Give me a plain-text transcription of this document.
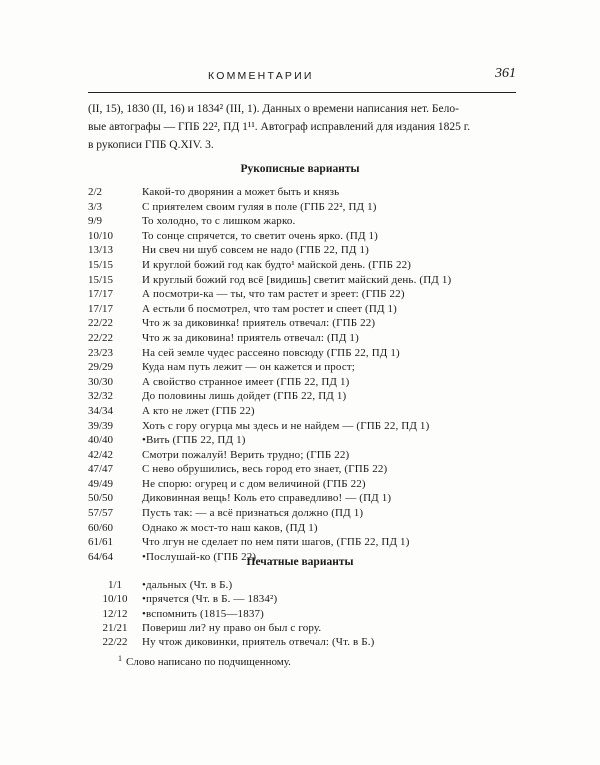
КОММЕНТАРИИ	361
(II, 15), 1830 (II, 16) и 1834² (III, 1). Данных о времени написания нет. Бело-
вые автографы — ГПБ 22², ПД 1¹¹. Автограф исправлений для издания 1825 г.
в рукописи ГПБ Q.XIV. 3.
Рукописные варианты
2/2	Какой-то дворянин а может быть и князь
3/3	С приятелем своим гуляя в поле (ГПБ 22², ПД 1)
9/9	То холодно, то с лишком жарко.
10/10	То сонце спрячется, то светит очень ярко. (ПД 1)
13/13	Ни свеч ни шуб совсем не надо (ГПБ 22, ПД 1)
15/15	И круглой божий год как будто¹ майской день. (ГПБ 22)
15/15	И круглый божий год всё [видишь] светит майский день. (ПД 1)
17/17	А посмотри-ка — ты, что там растет и зреет: (ГПБ 22)
17/17	А естьли б посмотрел, что там ростет и спеет (ПД 1)
22/22	Что ж за диковинка! приятель отвечал: (ГПБ 22)
22/22	Что ж за диковина! приятель отвечал: (ПД 1)
23/23	На сей земле чудес рассеяно повсюду (ГПБ 22, ПД 1)
29/29	Куда нам путь лежит — он кажется и прост;
30/30	А свойство странное имеет (ГПБ 22, ПД 1)
32/32	До половины лишь дойдет (ГПБ 22, ПД 1)
34/34	А кто не лжет (ГПБ 22)
39/39	Хоть с гору огурца мы здесь и не найдем — (ГПБ 22, ПД 1)
40/40	•Вить (ГПБ 22, ПД 1)
42/42	Смотри пожалуй! Верить трудно; (ГПБ 22)
47/47	С нево обрушились, весь город ето знает, (ГПБ 22)
49/49	Не спорю: огурец и с дом величиной (ГПБ 22)
50/50	Диковинная вещь! Коль ето справедливо! — (ПД 1)
57/57	Пусть так: — а всё признаться должно (ПД 1)
60/60	Однако ж мост-то наш каков, (ПД 1)
61/61	Что лгун не сделает по нем пяти шагов, (ГПБ 22, ПД 1)
64/64	•Послушай-ко (ГПБ 22)
Печатные варианты
1/1	•дальных (Чт. в Б.)
10/10	•прячется (Чт. в Б. — 1834²)
12/12	•вспомнить (1815—1837)
21/21	Повериш ли? ну право он был с гору.
22/22	Ну чтож диковинки, приятель отвечал: (Чт. в Б.)
$^1$ Слово написано по подчищенному.
